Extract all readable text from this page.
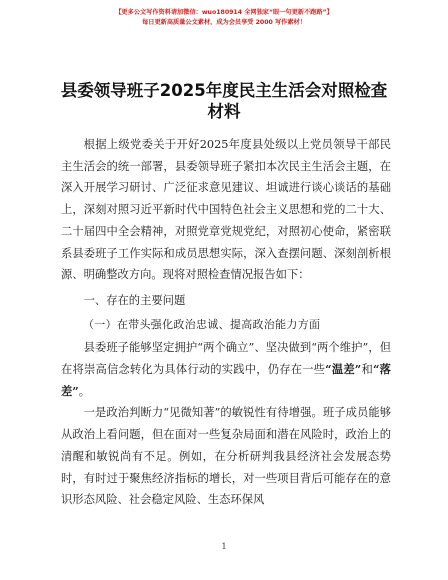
【更多公文写作资料请加微信：wuo180914 全网独家“眼一句更新不跑路”】
每日更新高质量公文素材，成为会员享受 2000 写作素材！
县委领导班子2025年度民主生活会对照检查材料

根据上级党委关于开好2025年度县处级以上党员领导干部民主生活会的统一部署，县委领导班子紧扣本次民主生活会主题，在深入开展学习研讨、广泛征求意见建议、坦诚进行谈心谈话的基础上，深刻对照习近平新时代中国特色社会主义思想和党的二十大、二十届四中全会精神，对照党章党规党纪，对照初心使命，紧密联系县委班子工作实际和成员思想实际，深入查摆问题、深刻剖析根源、明确整改方向。现将对照检查情况报告如下：

一、存在的主要问题

（一）在带头强化政治忠诚、提高政治能力方面

县委班子能够坚定拥护“两个确立”、坚决做到“两个维护”，但在将崇高信念转化为具体行动的实践中，仍存在一些“温差”和“落差”。

一是政治判断力“见微知著”的敏锐性有待增强。班子成员能够从政治上看问题，但在面对一些复杂局面和潜在风险时，政治上的清醒和敏锐尚有不足。例如，在分析研判我县经济社会发展态势时，有时过于聚焦经济指标的增长，对一些项目背后可能存在的意识形态风险、社会稳定风险、生态环保风

1
